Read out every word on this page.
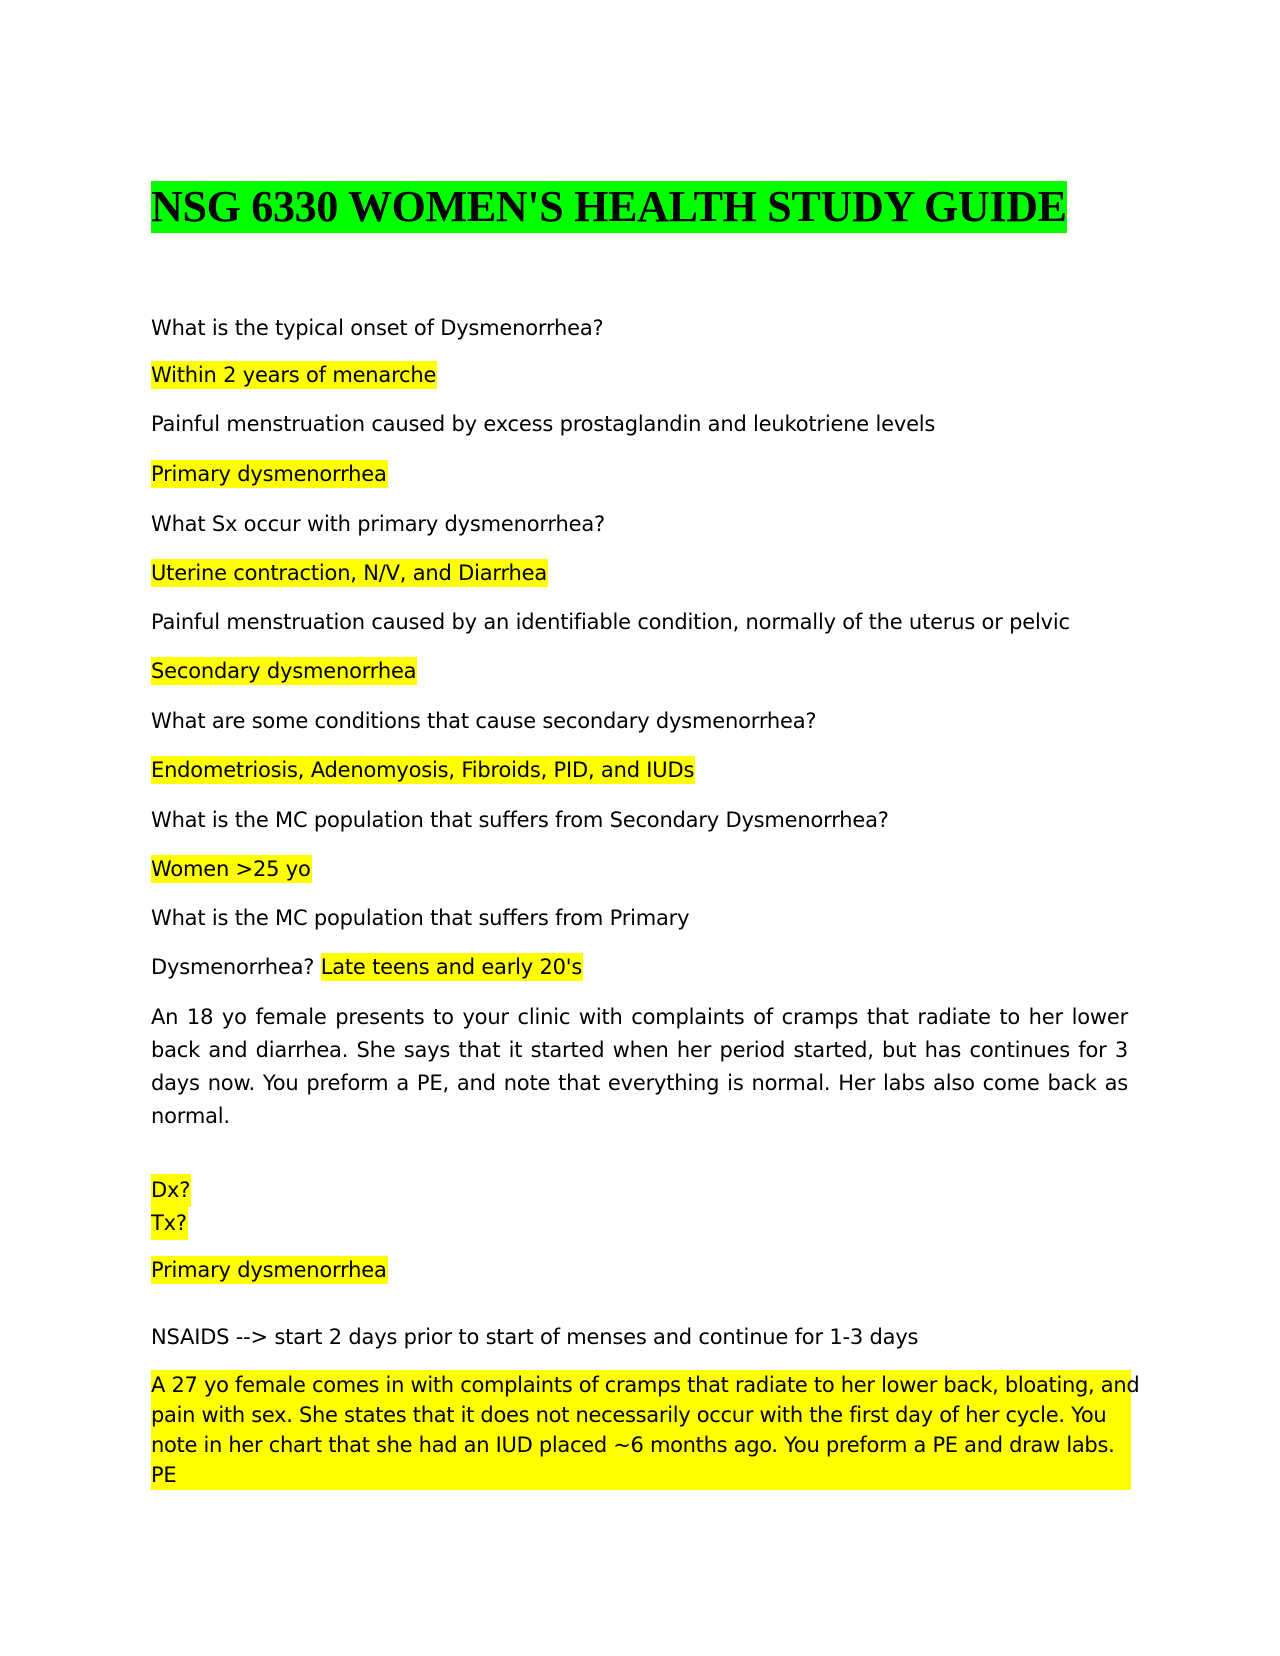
NSG 6330 WOMEN'S HEALTH STUDY GUIDE
What is the typical onset of Dysmenorrhea?
Within 2 years of menarche
Painful menstruation caused by excess prostaglandin and leukotriene levels
Primary dysmenorrhea
What Sx occur with primary dysmenorrhea?
Uterine contraction, N/V, and Diarrhea
Painful menstruation caused by an identifiable condition, normally of the uterus or pelvic
Secondary dysmenorrhea
What are some conditions that cause secondary dysmenorrhea?
Endometriosis, Adenomyosis, Fibroids, PID, and IUDs
What is the MC population that suffers from Secondary Dysmenorrhea?
Women >25 yo
What is the MC population that suffers from Primary
Dysmenorrhea? Late teens and early 20's
An 18 yo female presents to your clinic with complaints of cramps that radiate to her lower back and diarrhea. She says that it started when her period started, but has continues for 3 days now. You preform a PE, and note that everything is normal. Her labs also come back as normal.
Dx?
Tx?
Primary dysmenorrhea
NSAIDS --> start 2 days prior to start of menses and continue for 1-3 days
A 27 yo female comes in with complaints of cramps that radiate to her lower back, bloating, and
pain with sex. She states that it does not necessarily occur with the first day of her cycle. You
note in her chart that she had an IUD placed ~6 months ago. You preform a PE and draw labs.
PE
